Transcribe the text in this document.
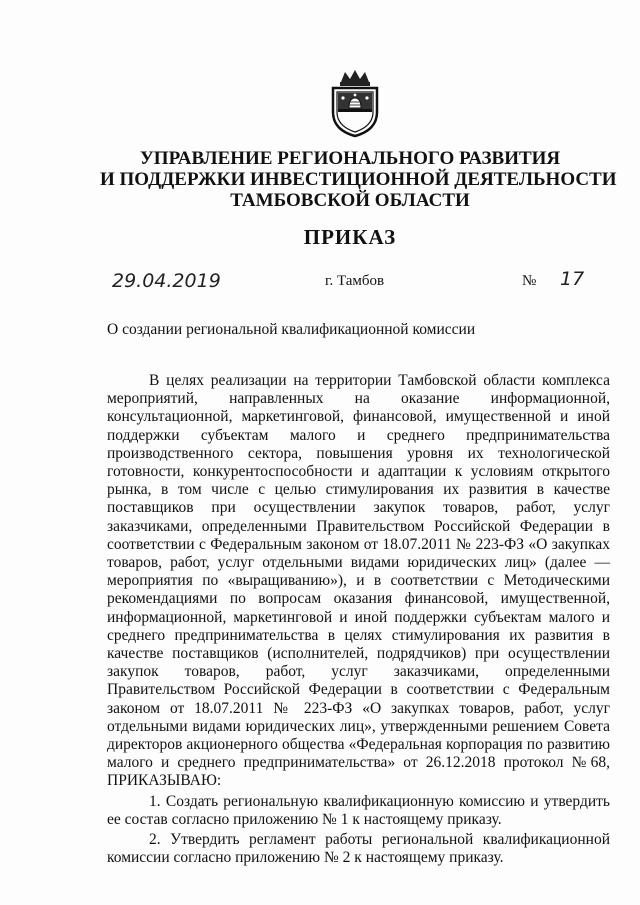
УПРАВЛЕНИЕ РЕГИОНАЛЬНОГО РАЗВИТИЯ
И ПОДДЕРЖКИ ИНВЕСТИЦИОННОЙ ДЕЯТЕЛЬНОСТИ
ТАМБОВСКОЙ ОБЛАСТИ
ПРИКАЗ
29.04.2019	г. Тамбов	№ 17
О создании региональной квалификационной комиссии

В целях реализации на территории Тамбовской области комплекса мероприятий, направленных на оказание информационной, консультационной, маркетинговой, финансовой, имущественной и иной поддержки субъектам малого и среднего предпринимательства производственного сектора, повышения уровня их технологической готовности, конкурентоспособности и адаптации к условиям открытого рынка, в том числе с целью стимулирования их развития в качестве поставщиков при осуществлении закупок товаров, работ, услуг заказчиками, определенными Правительством Российской Федерации в соответствии с Федеральным законом от 18.07.2011 № 223-ФЗ «О закупках товаров, работ, услуг отдельными видами юридических лиц» (далее — мероприятия по «выращиванию»), и в соответствии с Методическими рекомендациями по вопросам оказания финансовой, имущественной, информационной, маркетинговой и иной поддержки субъектам малого и среднего предпринимательства в целях стимулирования их развития в качестве поставщиков (исполнителей, подрядчиков) при осуществлении закупок товаров, работ, услуг заказчиками, определенными Правительством Российской Федерации в соответствии с Федеральным законом от 18.07.2011 № 223-ФЗ «О закупках товаров, работ, услуг отдельными видами юридических лиц», утвержденными решением Совета директоров акционерного общества «Федеральная корпорация по развитию малого и среднего предпринимательства» от 26.12.2018 протокол №68, ПРИКАЗЫВАЮ:

1. Создать региональную квалификационную комиссию и утвердить ее состав согласно приложению № 1 к настоящему приказу.

2. Утвердить регламент работы региональной квалификационной комиссии согласно приложению № 2 к настоящему приказу.
